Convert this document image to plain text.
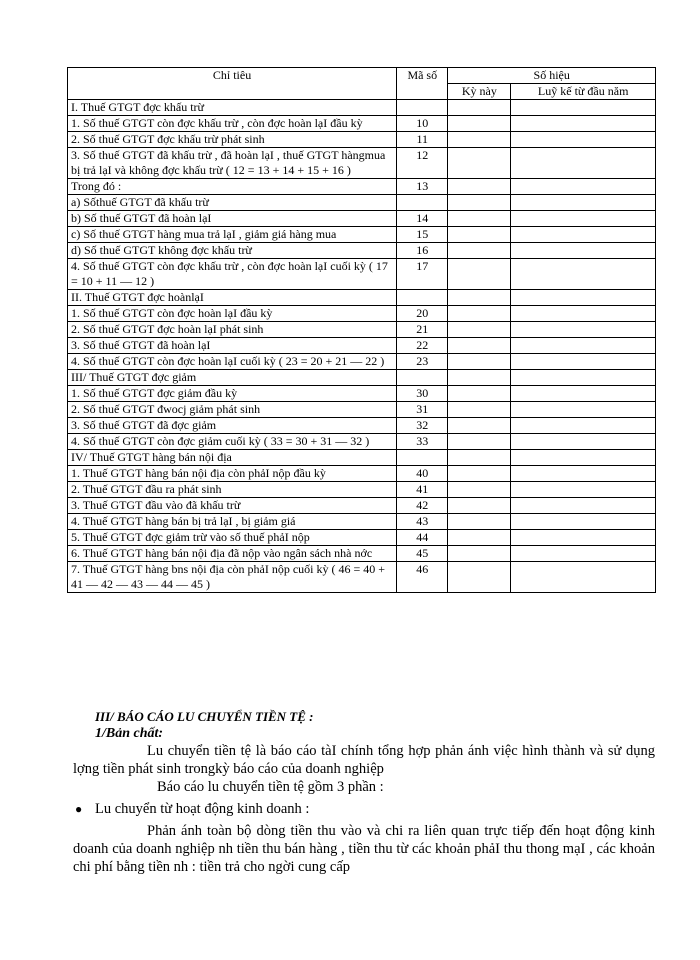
Chỉ tiêu	Mã số	Số hiệu	
		Kỳ này	Luỹ kế từ đầu năm
I. Thuế GTGT đợc khấu trừ			
1. Số thuế GTGT còn đợc khấu trừ , còn đợc hoàn lạI đầu kỳ	10		
2. Số thuế GTGT đợc khấu trừ phát sinh	11		
3. Số thuế GTGT đã khấu trừ , đã hoàn lạI , thuế GTGT hàngmua bị trả lạI và không đợc khấu trừ ( 12 = 13 + 14 + 15 + 16 )	12		
Trong đó :	13		
a) Sốthuế GTGT đã khấu trừ			
b) Số thuế GTGT đã hoàn lạI	14		
c) Số thuế GTGT hàng mua trả lạI , giảm giá hàng mua	15		
d) Số thuế GTGT không đợc khấu trừ	16		
4. Số thuế GTGT còn đợc khấu trừ , còn đợc hoàn lạI cuối kỳ ( 17 = 10 + 11 — 12 )	17		
II. Thuế GTGT đợc hoànlạI			
1. Số thuế GTGT còn đợc hoàn lạI đầu kỳ	20		
2. Số thuế GTGT đợc hoàn lạI phát sinh	21		
3. Số thuế GTGT đã hoàn lạI	22		
4. Số thuế GTGT còn đợc hoàn lạI cuối kỳ ( 23 = 20 + 21 — 22 )	23		
III/ Thuế GTGT đợc giảm			
1. Số thuế GTGT đợc giảm đầu kỳ	30		
2. Số thuế GTGT đwocj giảm phát sinh	31		
3. Số thuế GTGT đã đợc giảm	32		
4. Số thuế GTGT còn đợc giảm cuối kỳ ( 33 = 30 + 31 — 32 )	33		
IV/ Thuế GTGT hàng bán nội địa			
1. Thuế GTGT hàng bán nội địa còn phảI nộp đầu kỳ	40		
2. Thuế GTGT đầu ra phát sinh	41		
3. Thuế GTGT đầu vào đã khấu trừ	42		
4. Thuế GTGT hàng bán bị trả lạI , bị giảm giá	43		
5. Thuế GTGT đợc giảm trừ vào số thuế phảI nộp	44		
6. Thuế GTGT hàng bán nội địa đã nộp vào ngân sách nhà nớc	45		
7. Thuế GTGT hàng bns nội địa còn phảI nộp cuối kỳ ( 46 = 40 + 41 — 42 — 43 — 44 — 45 )	46		
III/ BÁO CÁO LU CHUYỂN TIỀN TỆ :
1/Bản chất:

Lu chuyển tiền tệ là báo cáo tàI chính tổng hợp phản ánh việc hình thành và sử dụng lợng tiền phát sinh trongkỳ báo cáo của doanh nghiệp

Báo cáo lu chuyển tiền tệ gồm 3 phần :

● Lu chuyển từ hoạt động kinh doanh :

Phản ánh toàn bộ dòng tiền thu vào và chi ra liên quan trực tiếp đến hoạt động kinh doanh của doanh nghiệp nh tiền thu bán hàng , tiền thu từ các khoản phảI thu thong mạI , các khoản chi phí bằng tiền nh : tiền trả cho ngời cung cấp
